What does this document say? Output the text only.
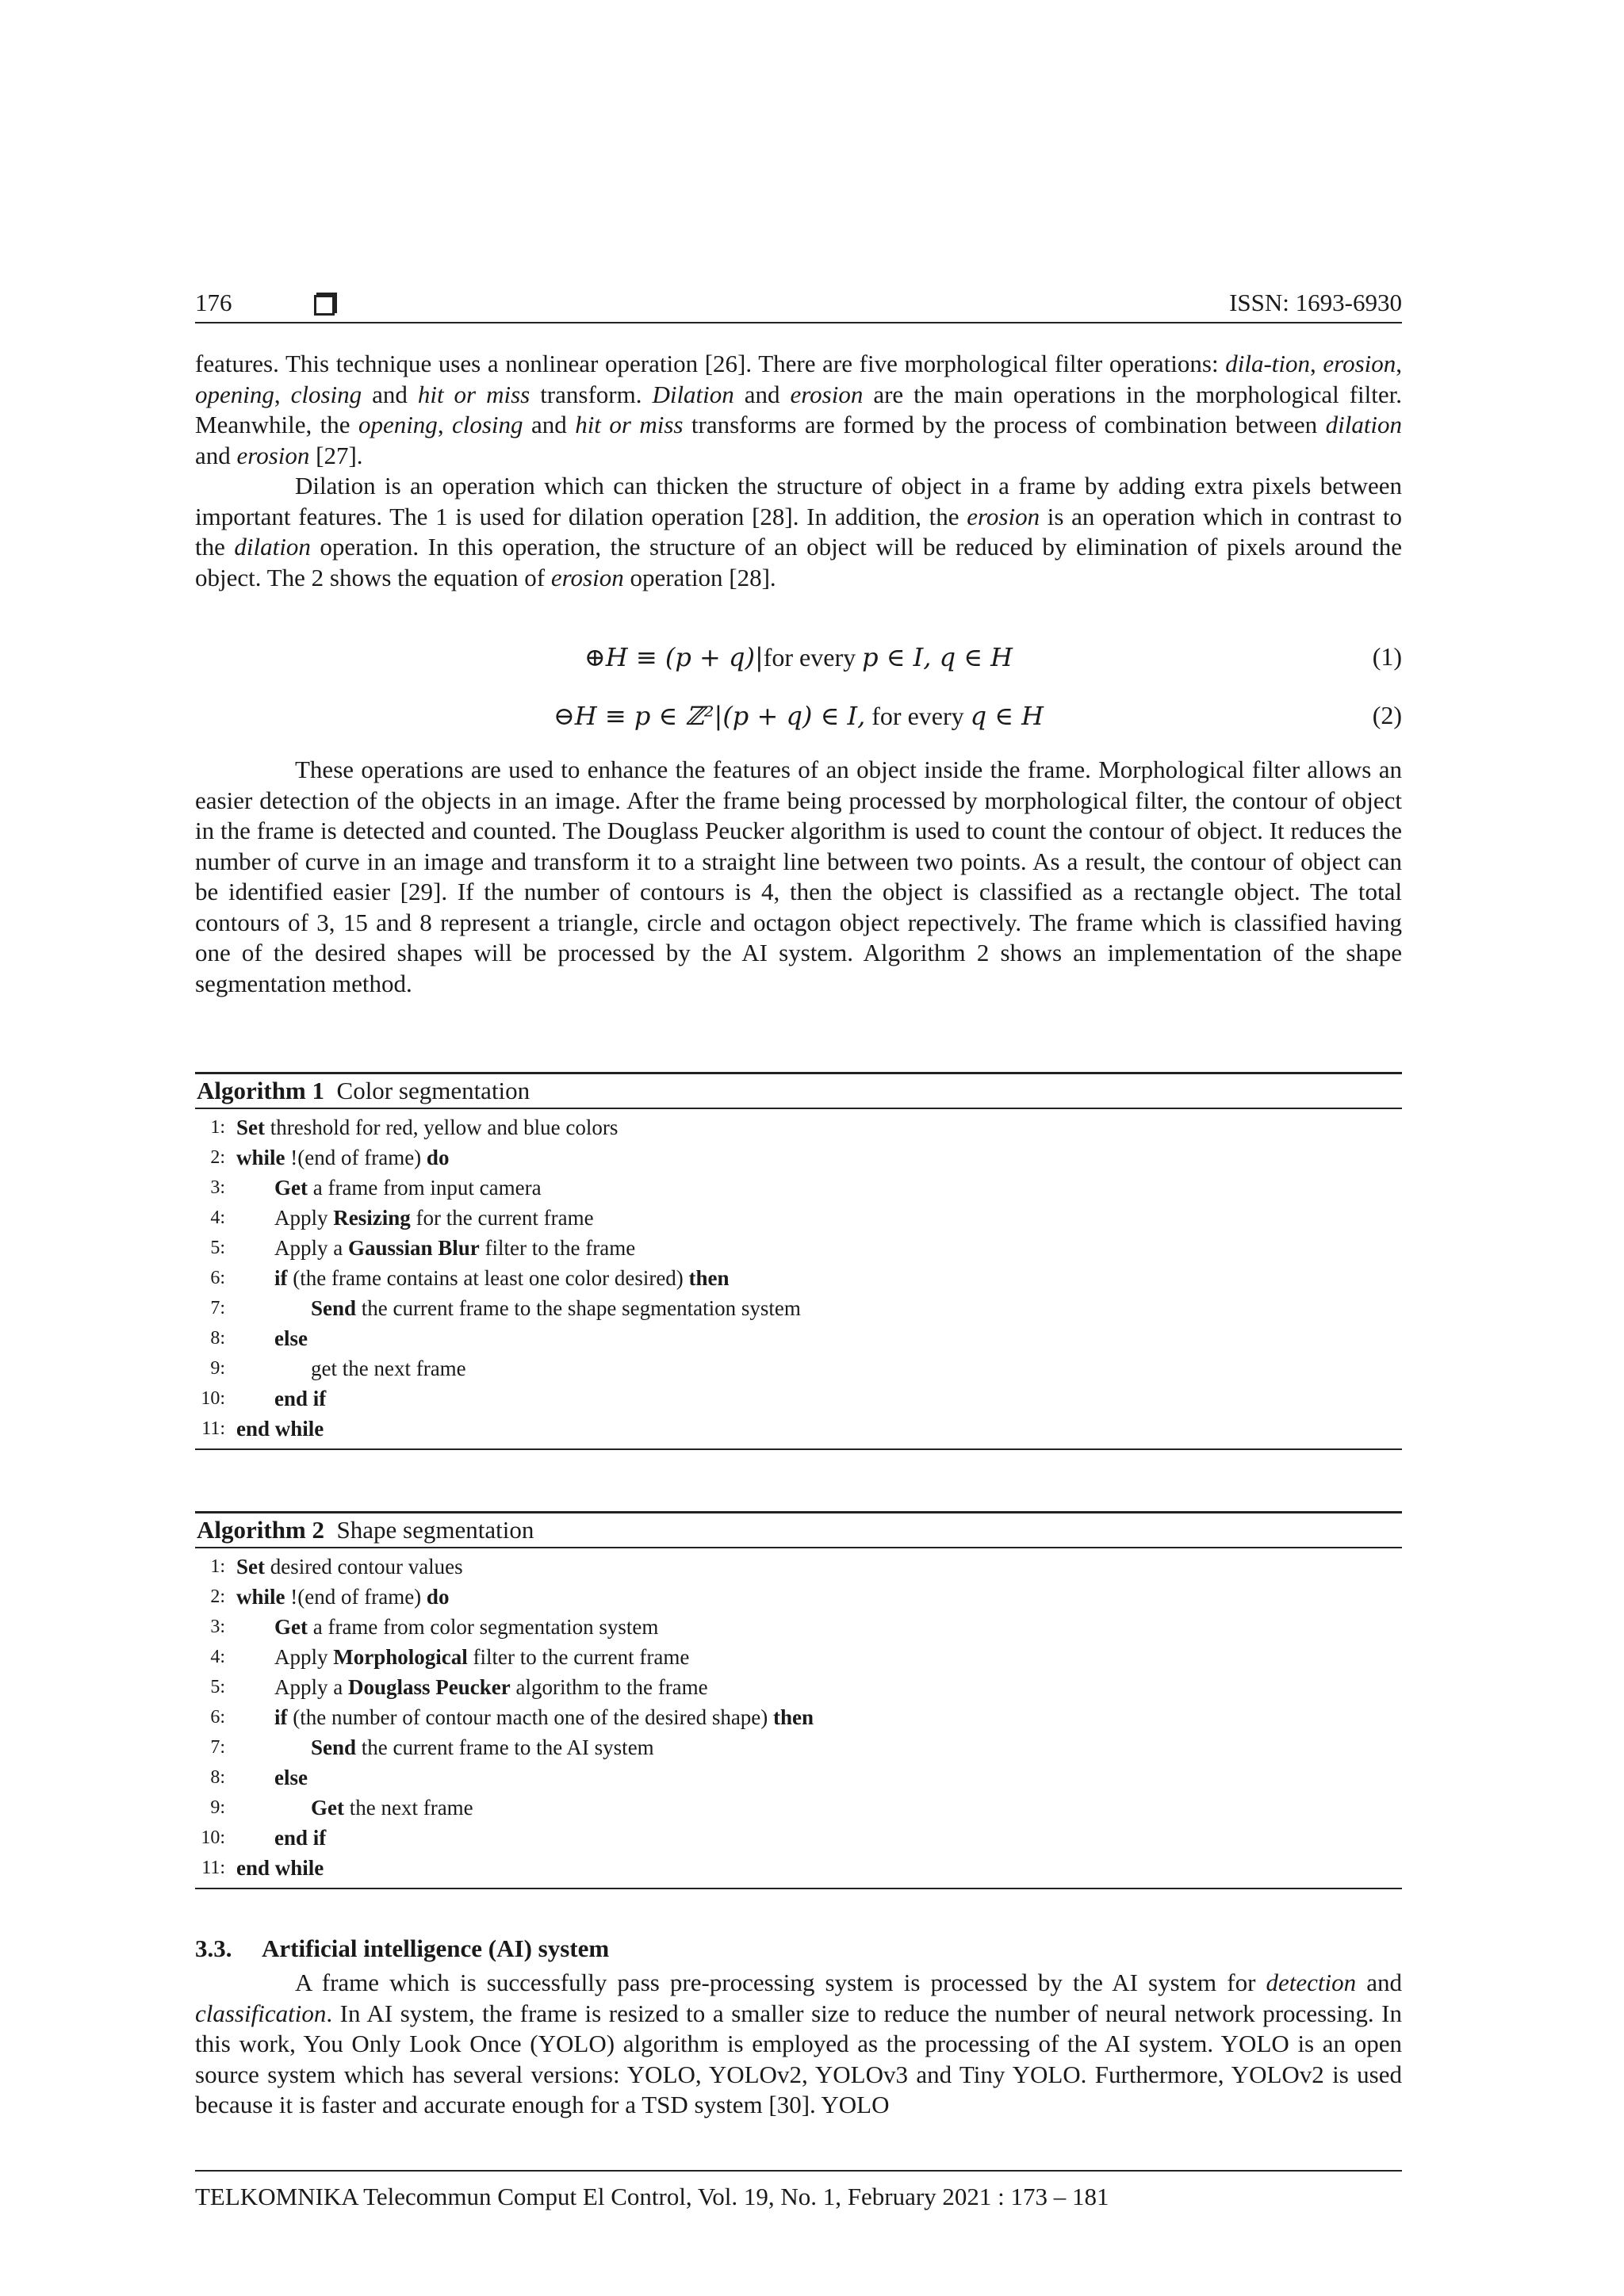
176	ISSN: 1693-6930

features. This technique uses a nonlinear operation [26]. There are five morphological filter operations: dila-tion, erosion, opening, closing and hit or miss transform. Dilation and erosion are the main operations in the morphological filter. Meanwhile, the opening, closing and hit or miss transforms are formed by the process of combination between dilation and erosion [27].

Dilation is an operation which can thicken the structure of object in a frame by adding extra pixels between important features. The 1 is used for dilation operation [28]. In addition, the erosion is an operation which in contrast to the dilation operation. In this operation, the structure of an object will be reduced by elimination of pixels around the object. The 2 shows the equation of erosion operation [28].

⊕H ≡ (p + q)|for every p ∈ I, q ∈ H	(1)
⊖H ≡ p ∈ ℤ²|(p + q) ∈ I, for every q ∈ H	(2)

These operations are used to enhance the features of an object inside the frame. Morphological filter allows an easier detection of the objects in an image. After the frame being processed by morphological filter, the contour of object in the frame is detected and counted. The Douglass Peucker algorithm is used to count the contour of object. It reduces the number of curve in an image and transform it to a straight line between two points. As a result, the contour of object can be identified easier [29]. If the number of contours is 4, then the object is classified as a rectangle object. The total contours of 3, 15 and 8 represent a triangle, circle and octagon object repectively. The frame which is classified having one of the desired shapes will be processed by the AI system. Algorithm 2 shows an implementation of the shape segmentation method.

Algorithm 1 Color segmentation
1: Set threshold for red, yellow and blue colors
2: while !(end of frame) do
3: Get a frame from input camera
4: Apply Resizing for the current frame
5: Apply a Gaussian Blur filter to the frame
6: if (the frame contains at least one color desired) then
7:	Send the current frame to the shape segmentation system
8: else
9:	get the next frame
10: end if
11: end while
Algorithm 2 Shape segmentation
1: Set desired contour values
2: while !(end of frame) do
3: Get a frame from color segmentation system
4: Apply Morphological filter to the current frame
5: Apply a Douglass Peucker algorithm to the frame
6: if (the number of contour macth one of the desired shape) then
7:	Send the current frame to the AI system
8: else
9:	Get the next frame
10: end if
11: end while
3.3. Artificial intelligence (AI) system

A frame which is successfully pass pre-processing system is processed by the AI system for detection and classification. In AI system, the frame is resized to a smaller size to reduce the number of neural network processing. In this work, You Only Look Once (YOLO) algorithm is employed as the processing of the AI system. YOLO is an open source system which has several versions: YOLO, YOLOv2, YOLOv3 and Tiny YOLO. Furthermore, YOLOv2 is used because it is faster and accurate enough for a TSD system [30]. YOLO

TELKOMNIKA Telecommun Comput El Control, Vol. 19, No. 1, February 2021 : 173 – 181
